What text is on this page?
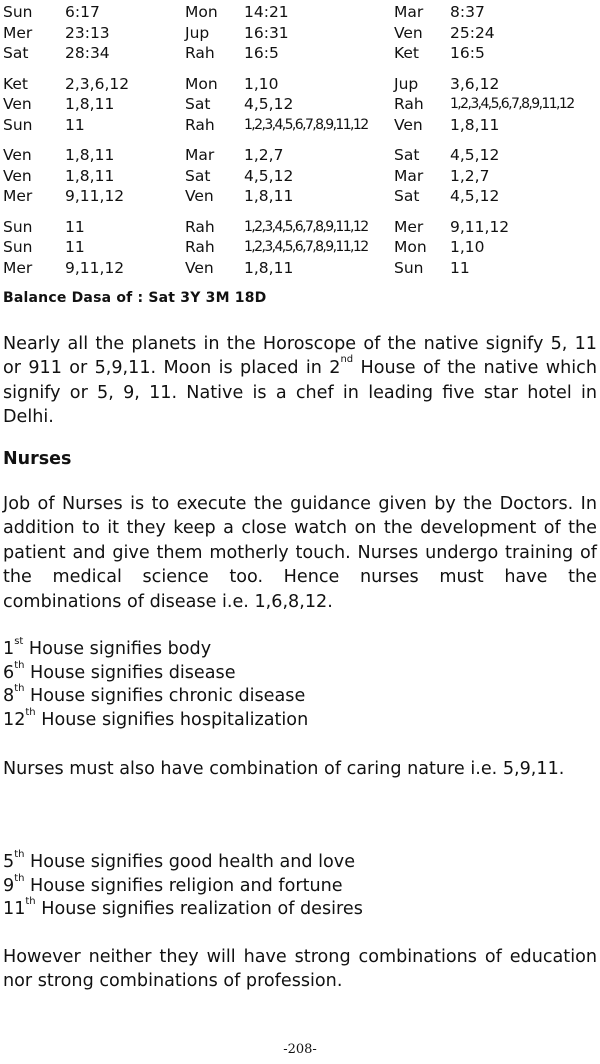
Sun 6:17	Mon 14:21	Mar 8:37
Mer 23:13	Jup 16:31	Ven 25:24
Sat 28:34	Rah 16:5	Ket 16:5
Ket 2,3,6,12	Mon 1,10	Jup 3,6,12
Ven 1,8,11	Sat 4,5,12	Rah 1,2,3,4,5,6,7,8,9,11,12
Sun 11	Rah 1,2,3,4,5,6,7,8,9,11,12 Ven 1,8,11
Ven 1,8,11	Mar 1,2,7	Sat 4,5,12
Ven 1,8,11	Sat 4,5,12	Mar 1,2,7
Mer 9,11,12	Ven 1,8,11	Sat 4,5,12
Sun 11	Rah 1,2,3,4,5,6,7,8,9,11,12 Mer 9,11,12
Sun 11	Rah 1,2,3,4,5,6,7,8,9,11,12 Mon 1,10
Mer 9,11,12	Ven 1,8,11	Sun 11
Balance Dasa of : Sat 3Y 3M 18D
Nearly all the planets in the Horoscope of the native signify 5, 11 or 911 or 5,9,11. Moon is placed in 2nd House of the native which signify or 5, 9, 11. Native is a chef in leading five star hotel in Delhi.
Nurses
Job of Nurses is to execute the guidance given by the Doctors. In addition to it they keep a close watch on the development of the patient and give them motherly touch. Nurses undergo training of the medical science too. Hence nurses must have the combinations of disease i.e. 1,6,8,12.
1st House signifies body
6th House signifies disease
8th House signifies chronic disease
12th House signifies hospitalization
Nurses must also have combination of caring nature i.e. 5,9,11.
5th House signifies good health and love
9th House signifies religion and fortune
11th House signifies realization of desires
However neither they will have strong combinations of education nor strong combinations of profession.
-208-
